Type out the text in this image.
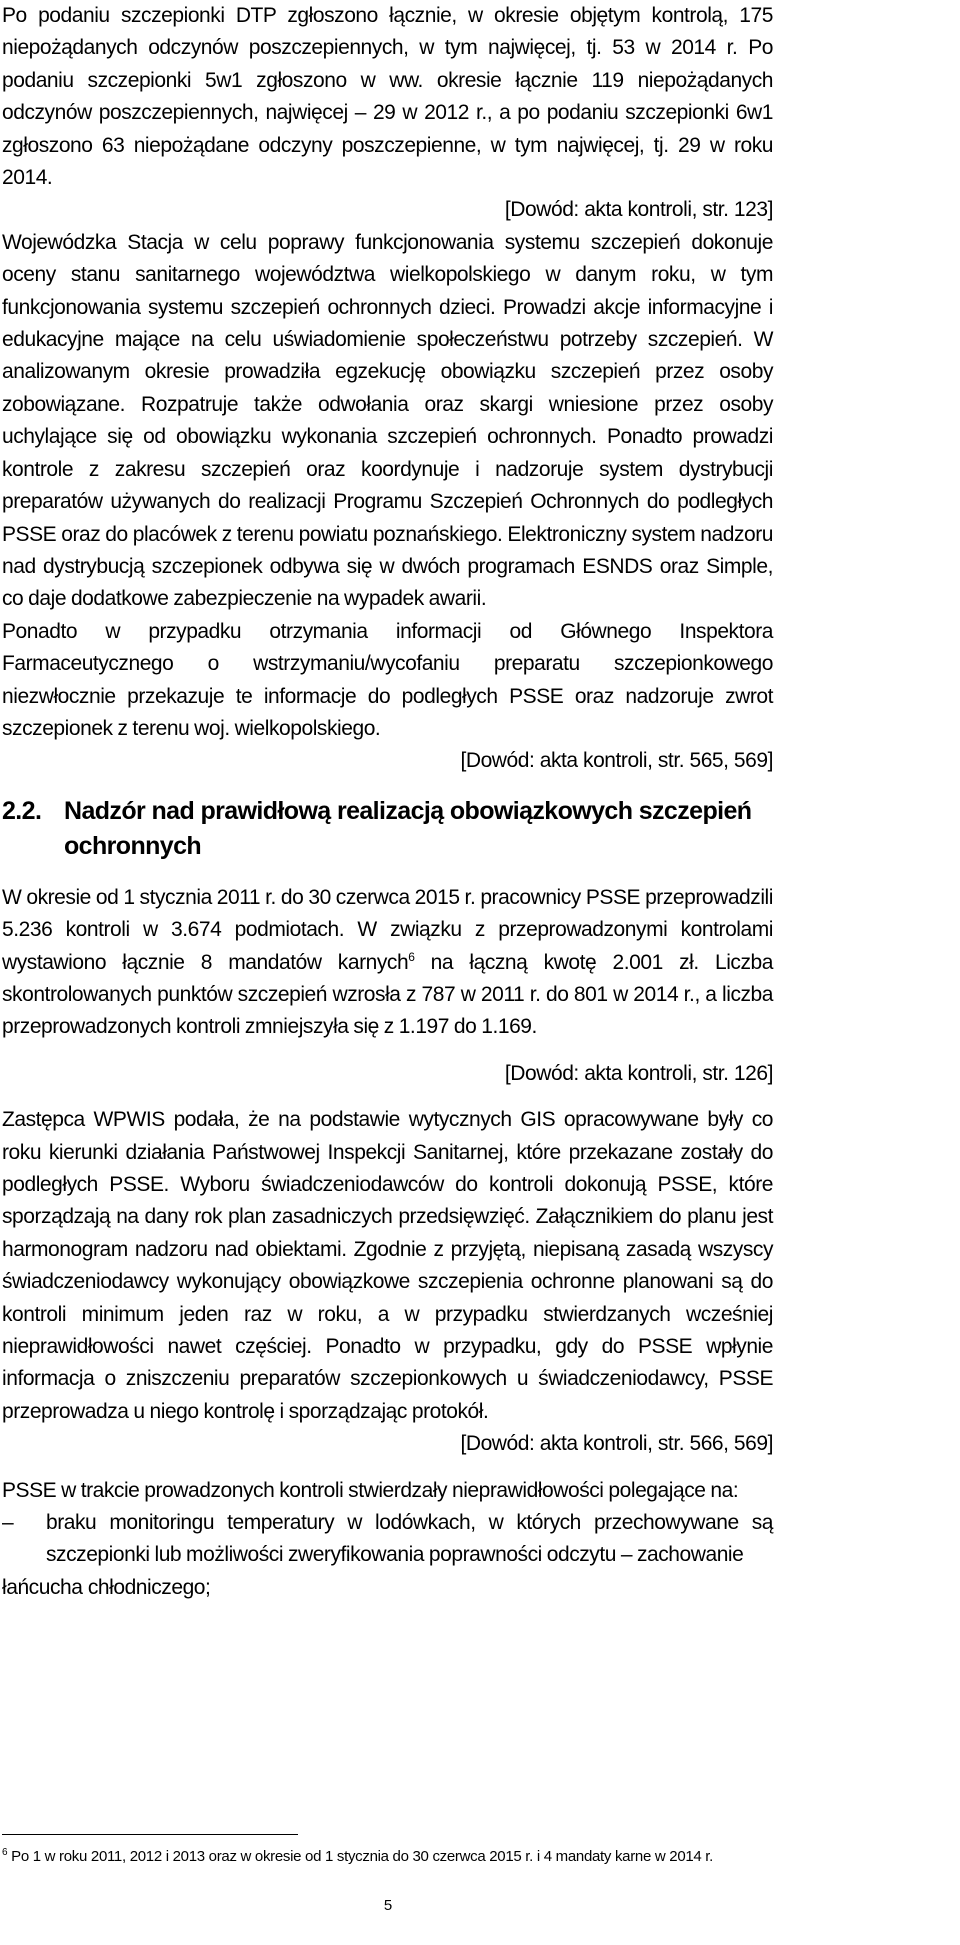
Po podaniu szczepionki DTP zgłoszono łącznie, w okresie objętym kontrolą, 175 niepożądanych odczynów poszczepiennych, w tym najwięcej, tj. 53 w 2014 r. Po podaniu szczepionki 5w1 zgłoszono w ww. okresie łącznie 119 niepożądanych odczynów poszczepiennych, najwięcej – 29 w 2012 r., a po podaniu szczepionki 6w1 zgłoszono 63 niepożądane odczyny poszczepienne, w tym najwięcej, tj. 29 w roku 2014.

[Dowód: akta kontroli, str. 123]

Wojewódzka Stacja w celu poprawy funkcjonowania systemu szczepień dokonuje oceny stanu sanitarnego województwa wielkopolskiego w danym roku, w tym funkcjonowania systemu szczepień ochronnych dzieci. Prowadzi akcje informacyjne i edukacyjne mające na celu uświadomienie społeczeństwu potrzeby szczepień. W analizowanym okresie prowadziła egzekucję obowiązku szczepień przez osoby zobowiązane. Rozpatruje także odwołania oraz skargi wniesione przez osoby uchylające się od obowiązku wykonania szczepień ochronnych. Ponadto prowadzi kontrole z zakresu szczepień oraz koordynuje i nadzoruje system dystrybucji preparatów używanych do realizacji Programu Szczepień Ochronnych do podległych PSSE oraz do placówek z terenu powiatu poznańskiego. Elektroniczny system nadzoru nad dystrybucją szczepionek odbywa się w dwóch programach ESNDS oraz Simple, co daje dodatkowe zabezpieczenie na wypadek awarii.

Ponadto w przypadku otrzymania informacji od Głównego Inspektora Farmaceutycznego o wstrzymaniu/wycofaniu preparatu szczepionkowego niezwłocznie przekazuje te informacje do podległych PSSE oraz nadzoruje zwrot szczepionek z terenu woj. wielkopolskiego.

[Dowód: akta kontroli, str. 565, 569]

2.2. Nadzór nad prawidłową realizacją obowiązkowych szczepień ochronnych

W okresie od 1 stycznia 2011 r. do 30 czerwca 2015 r. pracownicy PSSE przeprowadzili 5.236 kontroli w 3.674 podmiotach. W związku z przeprowadzonymi kontrolami wystawiono łącznie 8 mandatów karnych$^6$ na łączną kwotę 2.001 zł. Liczba skontrolowanych punktów szczepień wzrosła z 787 w 2011 r. do 801 w 2014 r., a liczba przeprowadzonych kontroli zmniejszyła się z 1.197 do 1.169.

[Dowód: akta kontroli, str. 126]

Zastępca WPWIS podała, że na podstawie wytycznych GIS opracowywane były co roku kierunki działania Państwowej Inspekcji Sanitarnej, które przekazane zostały do podległych PSSE. Wyboru świadczeniodawców do kontroli dokonują PSSE, które sporządzają na dany rok plan zasadniczych przedsięwzięć. Załącznikiem do planu jest harmonogram nadzoru nad obiektami. Zgodnie z przyjętą, niepisaną zasadą wszyscy świadczeniodawcy wykonujący obowiązkowe szczepienia ochronne planowani są do kontroli minimum jeden raz w roku, a w przypadku stwierdzanych wcześniej nieprawidłowości nawet częściej. Ponadto w przypadku, gdy do PSSE wpłynie informacja o zniszczeniu preparatów szczepionkowych u świadczeniodawcy, PSSE przeprowadza u niego kontrolę i sporządzając protokół.

[Dowód: akta kontroli, str. 566, 569]

PSSE w trakcie prowadzonych kontroli stwierdzały nieprawidłowości polegające na:

–	braku monitoringu temperatury w lodówkach, w których przechowywane są szczepionki lub możliwości zweryfikowania poprawności odczytu – zachowanie

łańcucha chłodniczego;

$^6$ Po 1 w roku 2011, 2012 i 2013 oraz w okresie od 1 stycznia do 30 czerwca 2015 r. i 4 mandaty karne w 2014 r.
5
